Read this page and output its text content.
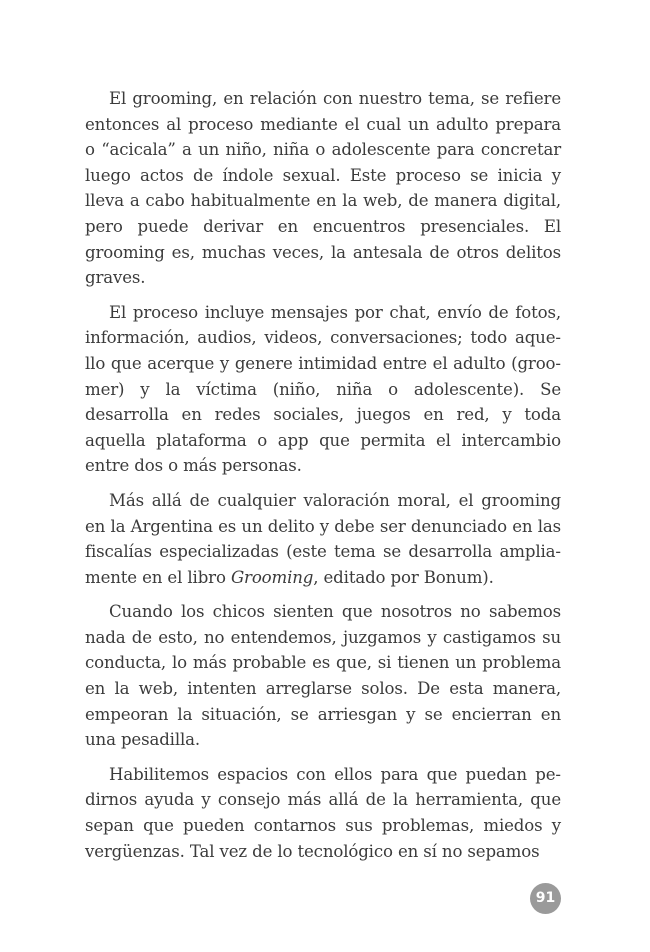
El grooming, en relación con nuestro tema, se refiere entonces al proceso mediante el cual un adulto prepara o “acicala” a un niño, niña o adolescente para concretar luego actos de índole sexual. Este proceso se inicia y lleva a cabo habitualmente en la web, de manera digital, pero puede derivar en encuentros presenciales. El grooming es, muchas veces, la antesala de otros delitos graves.

El proceso incluye mensajes por chat, envío de fotos, información, audios, videos, conversaciones; todo aquello que acerque y genere intimidad entre el adulto (groomer) y la víctima (niño, niña o adolescente). Se desarrolla en redes sociales, juegos en red, y toda aquella plataforma o app que permita el intercambio entre dos o más personas.

Más allá de cualquier valoración moral, el grooming en la Argentina es un delito y debe ser denunciado en las fiscalías especializadas (este tema se desarrolla ampliamente en el libro Grooming, editado por Bonum).

Cuando los chicos sienten que nosotros no sabemos nada de esto, no entendemos, juzgamos y castigamos su conducta, lo más probable es que, si tienen un problema en la web, intenten arreglarse solos. De esta manera, empeoran la situación, se arriesgan y se encierran en una pesadilla.

Habilitemos espacios con ellos para que puedan pedirnos ayuda y consejo más allá de la herramienta, que sepan que pueden contarnos sus problemas, miedos y vergüenzas. Tal vez de lo tecnológico en sí no sepamos

91
